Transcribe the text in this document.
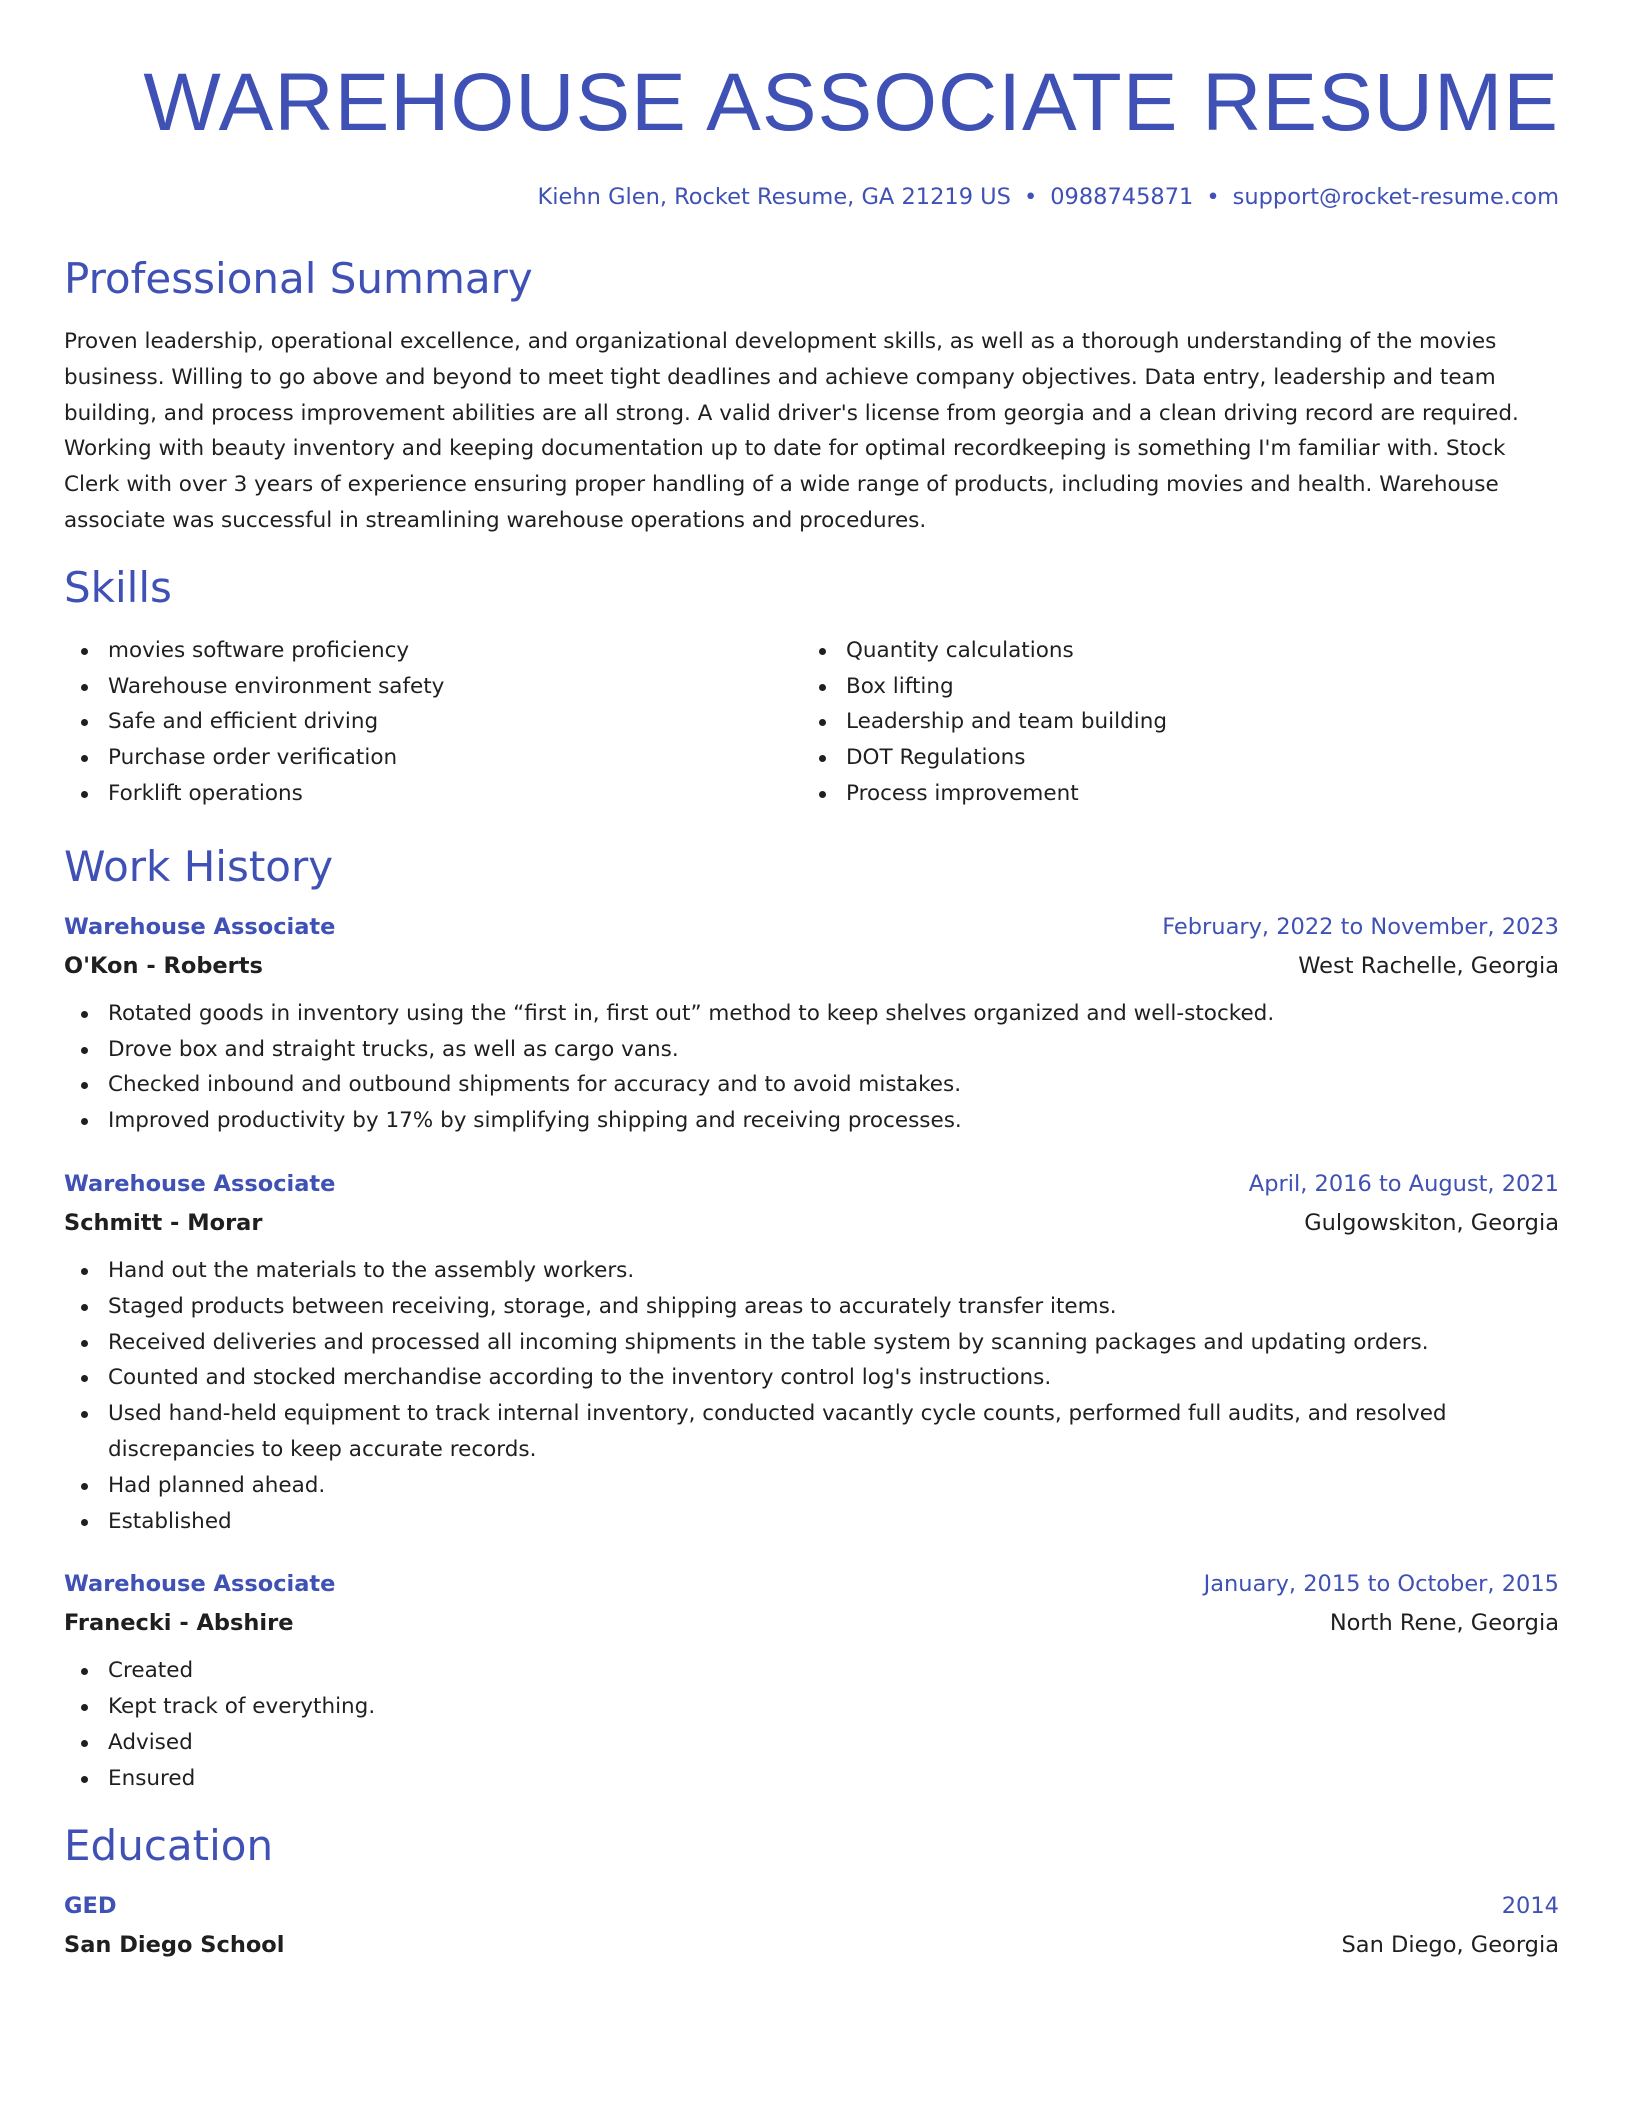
WAREHOUSE ASSOCIATE RESUME
Kiehn Glen, Rocket Resume, GA 21219 US • 0988745871 • support@rocket-resume.com
Professional Summary
Proven leadership, operational excellence, and organizational development skills, as well as a thorough understanding of the movies business. Willing to go above and beyond to meet tight deadlines and achieve company objectives. Data entry, leadership and team building, and process improvement abilities are all strong. A valid driver's license from georgia and a clean driving record are required. Working with beauty inventory and keeping documentation up to date for optimal recordkeeping is something I'm familiar with. Stock Clerk with over 3 years of experience ensuring proper handling of a wide range of products, including movies and health. Warehouse associate was successful in streamlining warehouse operations and procedures.
Skills
movies software proficiency
Warehouse environment safety
Safe and efficient driving
Purchase order verification
Forklift operations
Quantity calculations
Box lifting
Leadership and team building
DOT Regulations
Process improvement
Work History
Warehouse Associate	February, 2022 to November, 2023
O'Kon - Roberts	West Rachelle, Georgia
Rotated goods in inventory using the “first in, first out” method to keep shelves organized and well-stocked.
Drove box and straight trucks, as well as cargo vans.
Checked inbound and outbound shipments for accuracy and to avoid mistakes.
Improved productivity by 17% by simplifying shipping and receiving processes.
Warehouse Associate	April, 2016 to August, 2021
Schmitt - Morar	Gulgowskiton, Georgia
Hand out the materials to the assembly workers.
Staged products between receiving, storage, and shipping areas to accurately transfer items.
Received deliveries and processed all incoming shipments in the table system by scanning packages and updating orders.
Counted and stocked merchandise according to the inventory control log's instructions.
Used hand-held equipment to track internal inventory, conducted vacantly cycle counts, performed full audits, and resolved discrepancies to keep accurate records.
Had planned ahead.
Established
Warehouse Associate	January, 2015 to October, 2015
Franecki - Abshire	North Rene, Georgia
Created
Kept track of everything.
Advised
Ensured
Education
GED	2014
San Diego School	San Diego, Georgia
